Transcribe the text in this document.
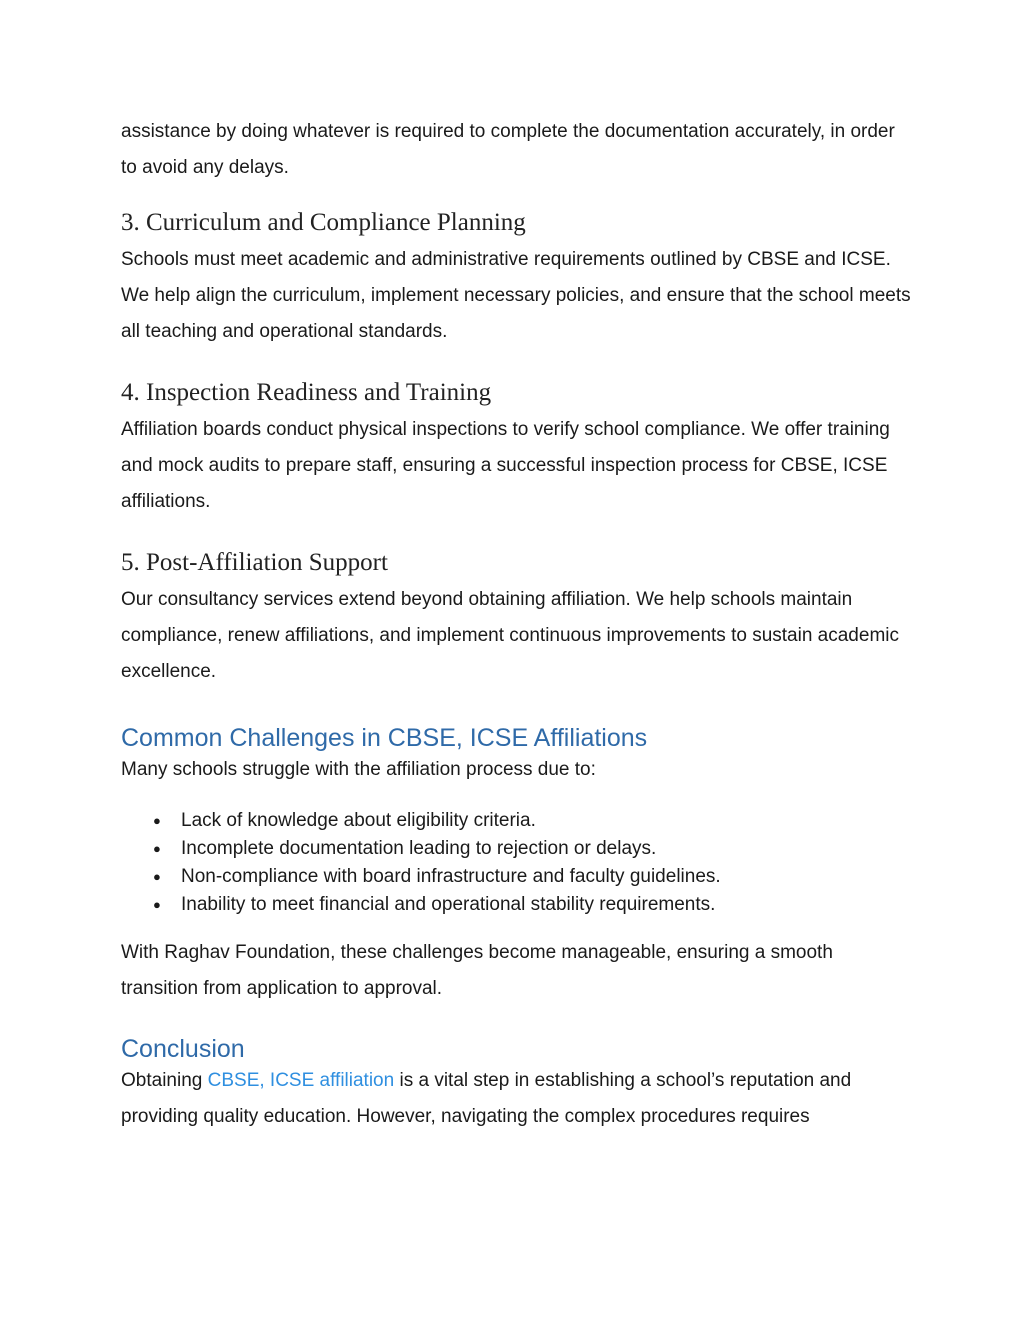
assistance by doing whatever is required to complete the documentation accurately, in order to avoid any delays.

3. Curriculum and Compliance Planning

Schools must meet academic and administrative requirements outlined by CBSE and ICSE. We help align the curriculum, implement necessary policies, and ensure that the school meets all teaching and operational standards.

4. Inspection Readiness and Training

Affiliation boards conduct physical inspections to verify school compliance. We offer training and mock audits to prepare staff, ensuring a successful inspection process for CBSE, ICSE affiliations.

5. Post-Affiliation Support

Our consultancy services extend beyond obtaining affiliation. We help schools maintain compliance, renew affiliations, and implement continuous improvements to sustain academic excellence.

Common Challenges in CBSE, ICSE Affiliations

Many schools struggle with the affiliation process due to:

● Lack of knowledge about eligibility criteria.
● Incomplete documentation leading to rejection or delays.
● Non-compliance with board infrastructure and faculty guidelines.
● Inability to meet financial and operational stability requirements.

With Raghav Foundation, these challenges become manageable, ensuring a smooth transition from application to approval.

Conclusion

Obtaining CBSE, ICSE affiliation is a vital step in establishing a school’s reputation and providing quality education. However, navigating the complex procedures requires
